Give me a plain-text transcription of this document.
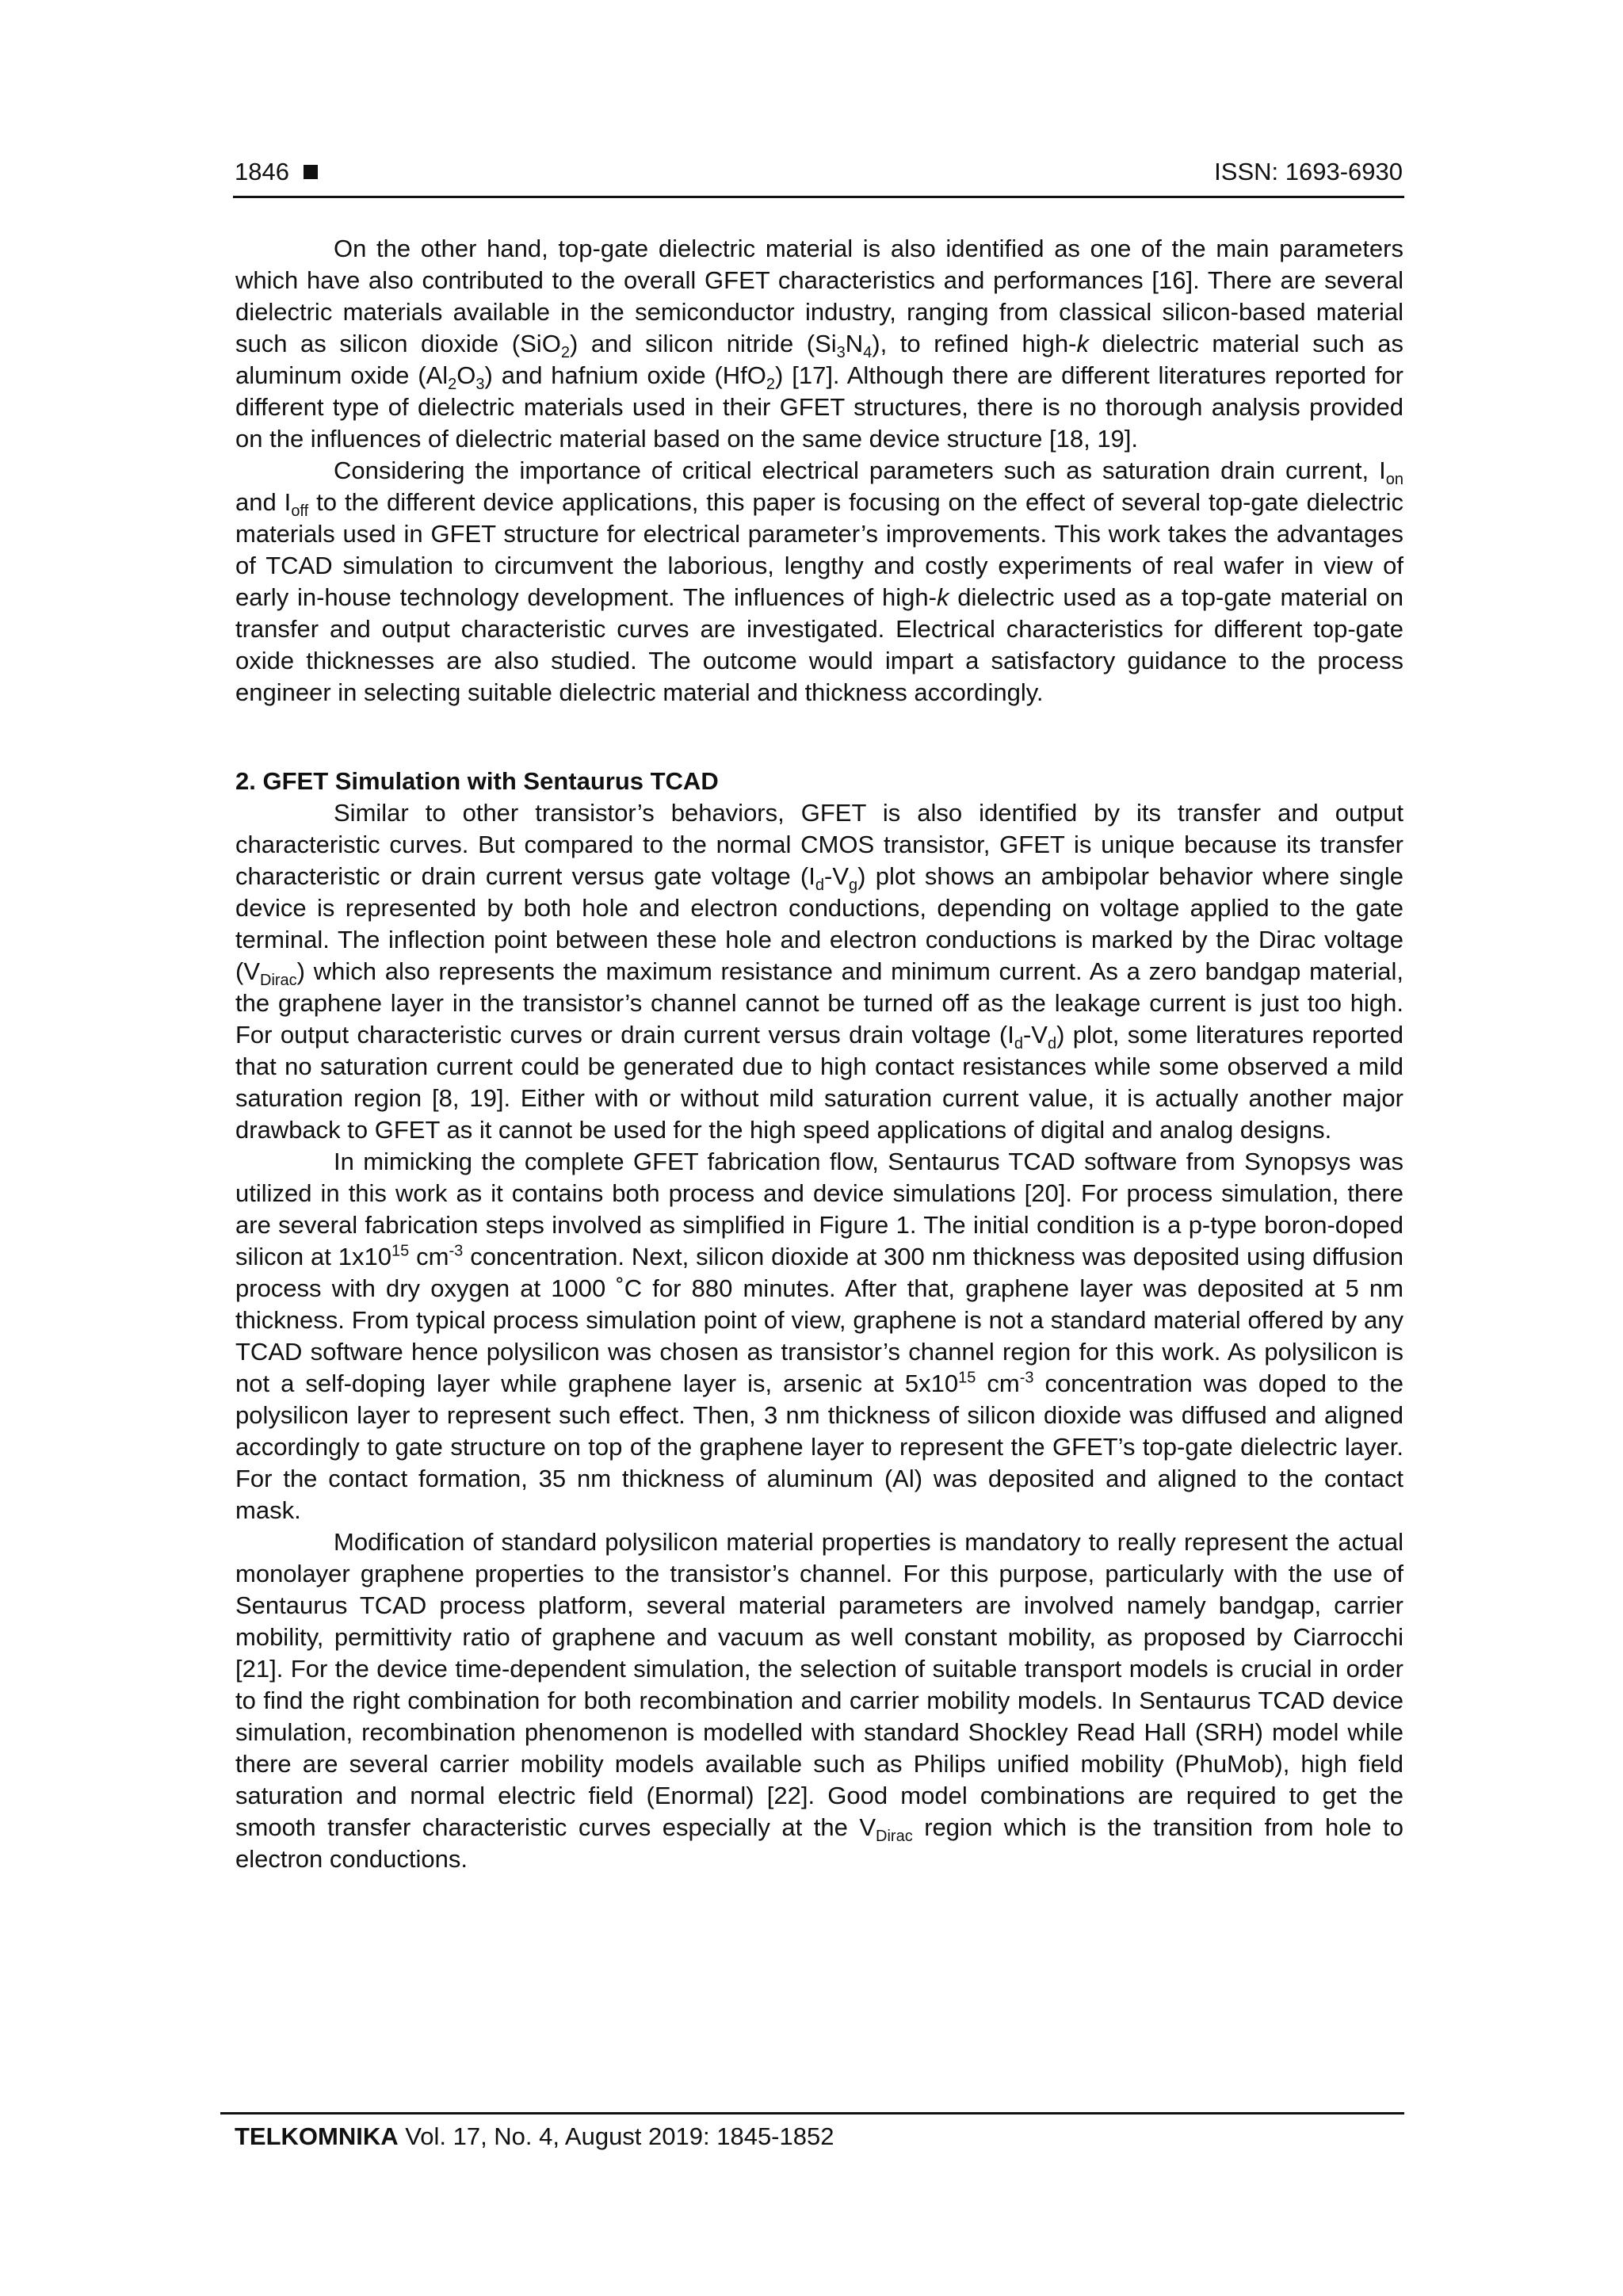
1846	ISSN: 1693-6930

On the other hand, top-gate dielectric material is also identified as one of the main parameters which have also contributed to the overall GFET characteristics and performances [16]. There are several dielectric materials available in the semiconductor industry, ranging from classical silicon-based material such as silicon dioxide (SiO$_2$) and silicon nitride $(Si_3N_4)$, to refined high-k dielectric material such as aluminum oxide $(Al_2O_3)$ and hafnium oxide (HfO$_2$) [17]. Although there are different literatures reported for different type of dielectric materials used in their GFET structures, there is no thorough analysis provided on the influences of dielectric material based on the same device structure [18, 19].

Considering the importance of critical electrical parameters such as saturation drain current, $I_{on}$ and $I_{off}$ to the different device applications, this paper is focusing on the effect of several top-gate dielectric materials used in GFET structure for electrical parameter’s improvements. This work takes the advantages of TCAD simulation to circumvent the laborious, lengthy and costly experiments of real wafer in view of early in-house technology development. The influences of high-k dielectric used as a top-gate material on transfer and output characteristic curves are investigated. Electrical characteristics for different top-gate oxide thicknesses are also studied. The outcome would impart a satisfactory guidance to the process engineer in selecting suitable dielectric material and thickness accordingly.

2. GFET Simulation with Sentaurus TCAD

Similar to other transistor’s behaviors, GFET is also identified by its transfer and output characteristic curves. But compared to the normal CMOS transistor, GFET is unique because its transfer characteristic or drain current versus gate voltage $(I_d-V_g)$ plot shows an ambipolar behavior where single device is represented by both hole and electron conductions, depending on voltage applied to the gate terminal. The inflection point between these hole and electron conductions is marked by the Dirac voltage $(V_{Dirac})$ which also represents the maximum resistance and minimum current. As a zero bandgap material, the graphene layer in the transistor’s channel cannot be turned off as the leakage current is just too high. For output characteristic curves or drain current versus drain voltage $(I_d-V_d)$ plot, some literatures reported that no saturation current could be generated due to high contact resistances while some observed a mild saturation region [8, 19]. Either with or without mild saturation current value, it is actually another major drawback to GFET as it cannot be used for the high speed applications of digital and analog designs.

In mimicking the complete GFET fabrication flow, Sentaurus TCAD software from Synopsys was utilized in this work as it contains both process and device simulations [20]. For process simulation, there are several fabrication steps involved as simplified in Figure 1. The initial condition is a p-type boron-doped silicon at $1x10^{15}$ $cm^{-3}$ concentration. Next, silicon dioxide at 300 nm thickness was deposited using diffusion process with dry oxygen at 1000 ˚C for 880 minutes. After that, graphene layer was deposited at 5 nm thickness. From typical process simulation point of view, graphene is not a standard material offered by any TCAD software hence polysilicon was chosen as transistor’s channel region for this work. As polysilicon is not a self-doping layer while graphene layer is, arsenic at $5x10^{15}$ $cm^{-3}$ concentration was doped to the polysilicon layer to represent such effect. Then, 3 nm thickness of silicon dioxide was diffused and aligned accordingly to gate structure on top of the graphene layer to represent the GFET’s top-gate dielectric layer. For the contact formation, 35 nm thickness of aluminum (Al) was deposited and aligned to the contact mask.

Modification of standard polysilicon material properties is mandatory to really represent the actual monolayer graphene properties to the transistor’s channel. For this purpose, particularly with the use of Sentaurus TCAD process platform, several material parameters are involved namely bandgap, carrier mobility, permittivity ratio of graphene and vacuum as well constant mobility, as proposed by Ciarrocchi [21]. For the device time-dependent simulation, the selection of suitable transport models is crucial in order to find the right combination for both recombination and carrier mobility models. In Sentaurus TCAD device simulation, recombination phenomenon is modelled with standard Shockley Read Hall (SRH) model while there are several carrier mobility models available such as Philips unified mobility (PhuMob), high field saturation and normal electric field (Enormal) [22]. Good model combinations are required to get the smooth transfer characteristic curves especially at the $V_{Dirac}$ region which is the transition from hole to electron conductions.

TELKOMNIKA Vol. 17, No. 4, August 2019: 1845-1852
